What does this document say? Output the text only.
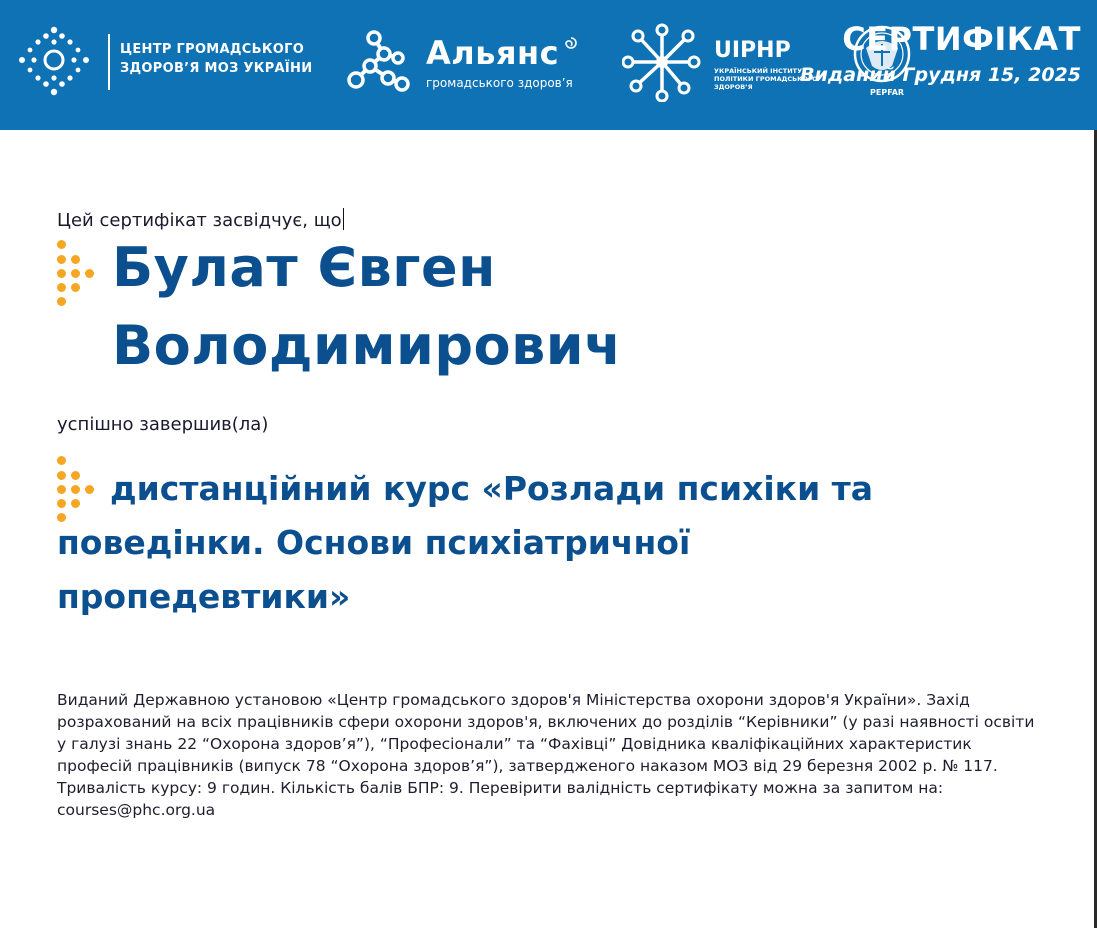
ЦЕНТР ГРОМАДСЬКОГО
ЗДОРОВ’Я МОЗ УКРАЇНИ	Альянс
громадського здоров’я
UIPHP
УКРАЇНСЬКИЙ ІНСТИТУТ ПОЛІТИКИ ГРОМАДСЬКОГО ЗДОРОВ’Я
PEPFAR
СЕРТИФІКАТ
Виданий Грудня 15, 2025
Цей сертифікат засвідчує, що
Булат Євген
Володимирович
успішно завершив(ла)
дистанційний курс «Розлади психіки та поведінки. Основи психіатричної пропедевтики»
Виданий Державною установою «Центр громадського здоров'я Міністерства охорони здоров'я України». Захід розрахований на всіх працівників сфери охорони здоров'я, включених до розділів “Керівники” (у разі наявності освіти у галузі знань 22 “Охорона здоров’я”), “Професіонали” та “Фахівці” Довідника кваліфікаційних характеристик професій працівників (випуск 78 “Охорона здоров’я”), затвердженого наказом МОЗ від 29 березня 2002 р. № 117. Тривалість курсу: 9 годин. Кількість балів БПР: 9. Перевірити валідність сертифікату можна за запитом на: courses@phc.org.ua
